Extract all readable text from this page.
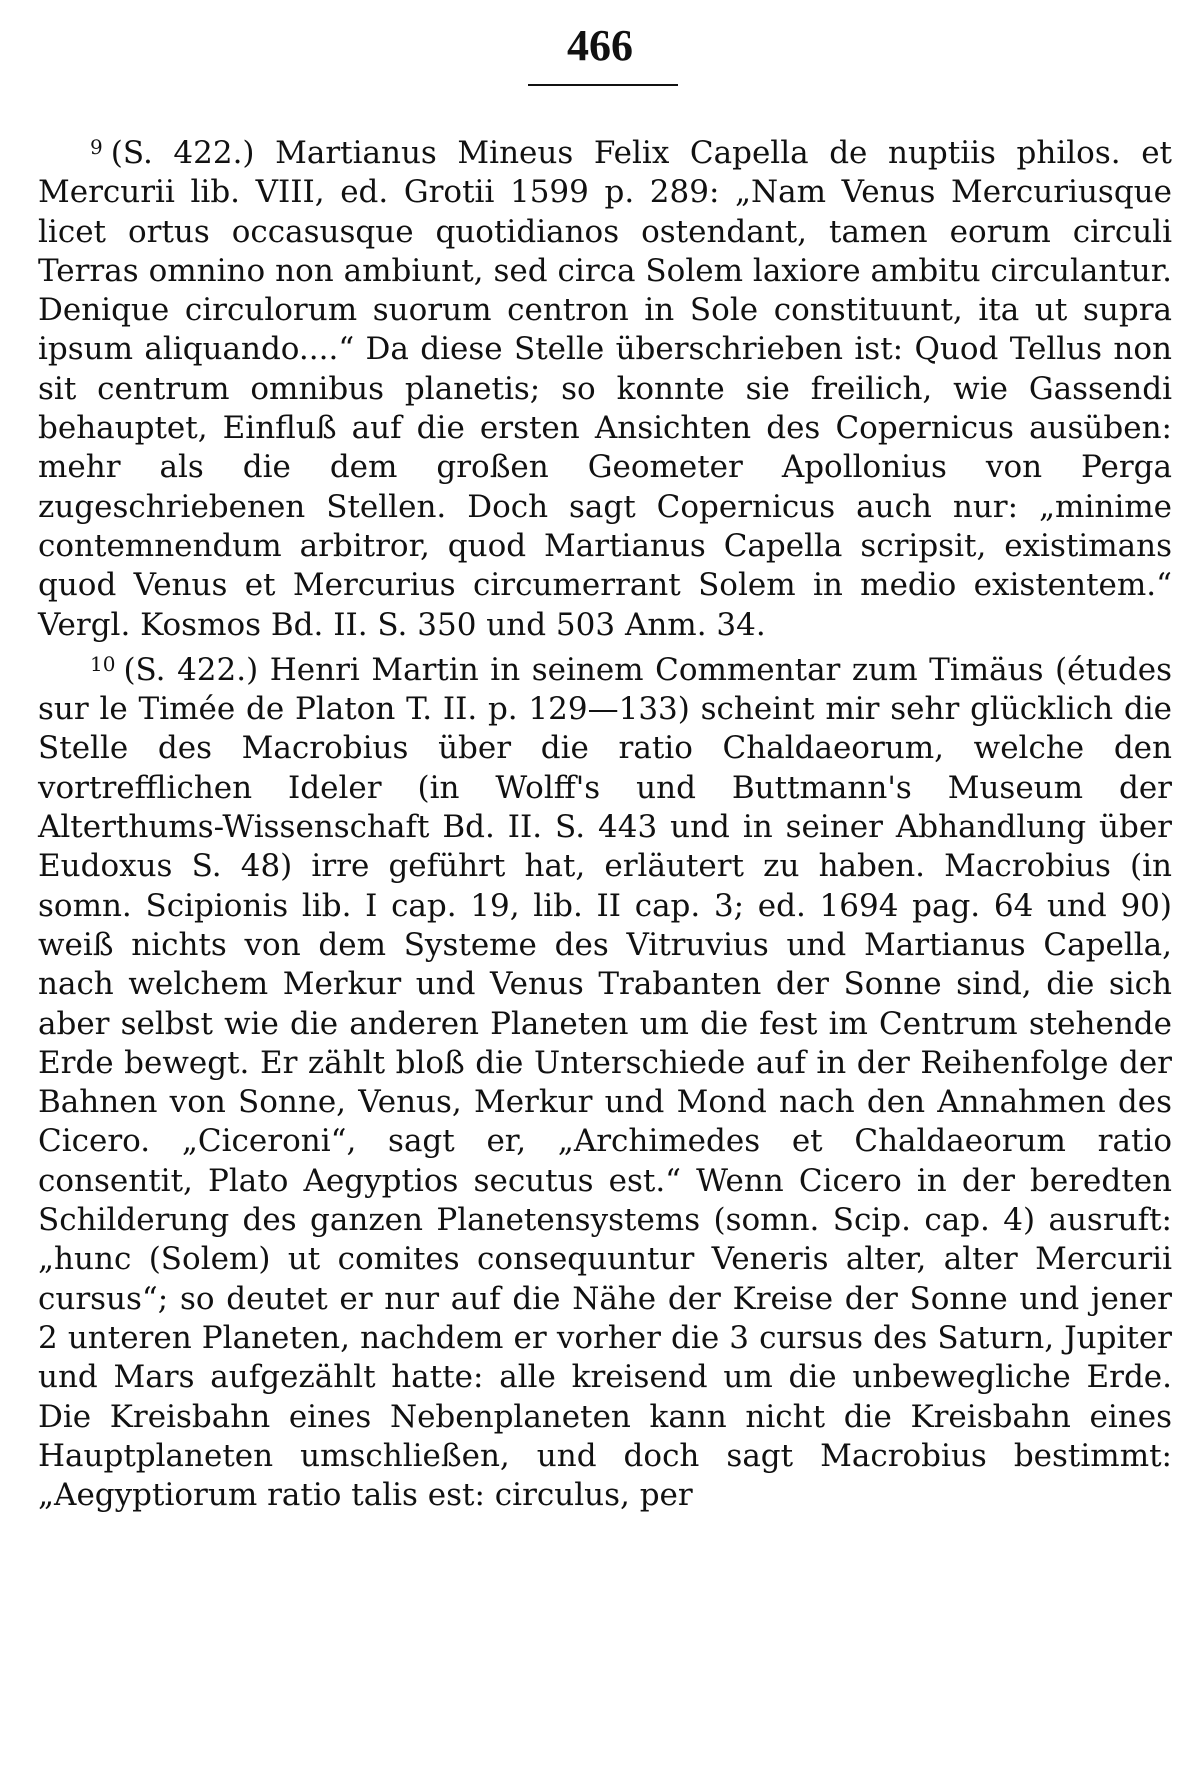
466

$^9$ (S. 422.) Martianus Mineus Felix Capella de nuptiis philos. et Mercurii lib. VIII, ed. Grotii 1599 p. 289: „Nam Venus Mercuriusque licet ortus occasusque quotidianos ostendant, tamen eorum circuli Terras omnino non ambiunt, sed circa Solem laxiore ambitu circulantur. Denique circulorum suorum centron in Sole constituunt, ita ut supra ipsum aliquando....“ Da diese Stelle überschrieben ist: Quod Tellus non sit centrum omnibus planetis; so konnte sie freilich, wie Gassendi behauptet, Einfluß auf die ersten Ansichten des Copernicus ausüben: mehr als die dem großen Geometer Apollonius von Perga zugeschriebenen Stellen. Doch sagt Copernicus auch nur: „minime contemnendum arbitror, quod Martianus Capella scripsit, existimans quod Venus et Mercurius circumerrant Solem in medio existentem.“ Vergl. Kosmos Bd. II. S. 350 und 503 Anm. 34.

$^{10}$ (S. 422.) Henri Martin in seinem Commentar zum Timäus (études sur le Timée de Platon T. II. p. 129—133) scheint mir sehr glücklich die Stelle des Macrobius über die ratio Chaldaeorum, welche den vortrefflichen Ideler (in Wolff's und Buttmann's Museum der Alterthums-Wissenschaft Bd. II. S. 443 und in seiner Abhandlung über Eudoxus S. 48) irre geführt hat, erläutert zu haben. Macrobius (in somn. Scipionis lib. I cap. 19, lib. II cap. 3; ed. 1694 pag. 64 und 90) weiß nichts von dem Systeme des Vitruvius und Martianus Capella, nach welchem Merkur und Venus Trabanten der Sonne sind, die sich aber selbst wie die anderen Planeten um die fest im Centrum stehende Erde bewegt. Er zählt bloß die Unterschiede auf in der Reihenfolge der Bahnen von Sonne, Venus, Merkur und Mond nach den Annahmen des Cicero. „Ciceroni“, sagt er, „Archimedes et Chaldaeorum ratio consentit, Plato Aegyptios secutus est.“ Wenn Cicero in der beredten Schilderung des ganzen Planetensystems (somn. Scip. cap. 4) ausruft: „hunc (Solem) ut comites consequuntur Veneris alter, alter Mercurii cursus“; so deutet er nur auf die Nähe der Kreise der Sonne und jener 2 unteren Planeten, nachdem er vorher die 3 cursus des Saturn, Jupiter und Mars aufgezählt hatte: alle kreisend um die unbewegliche Erde. Die Kreisbahn eines Nebenplaneten kann nicht die Kreisbahn eines Hauptplaneten umschließen, und doch sagt Macrobius bestimmt: „Aegyptiorum ratio talis est: circulus, per
